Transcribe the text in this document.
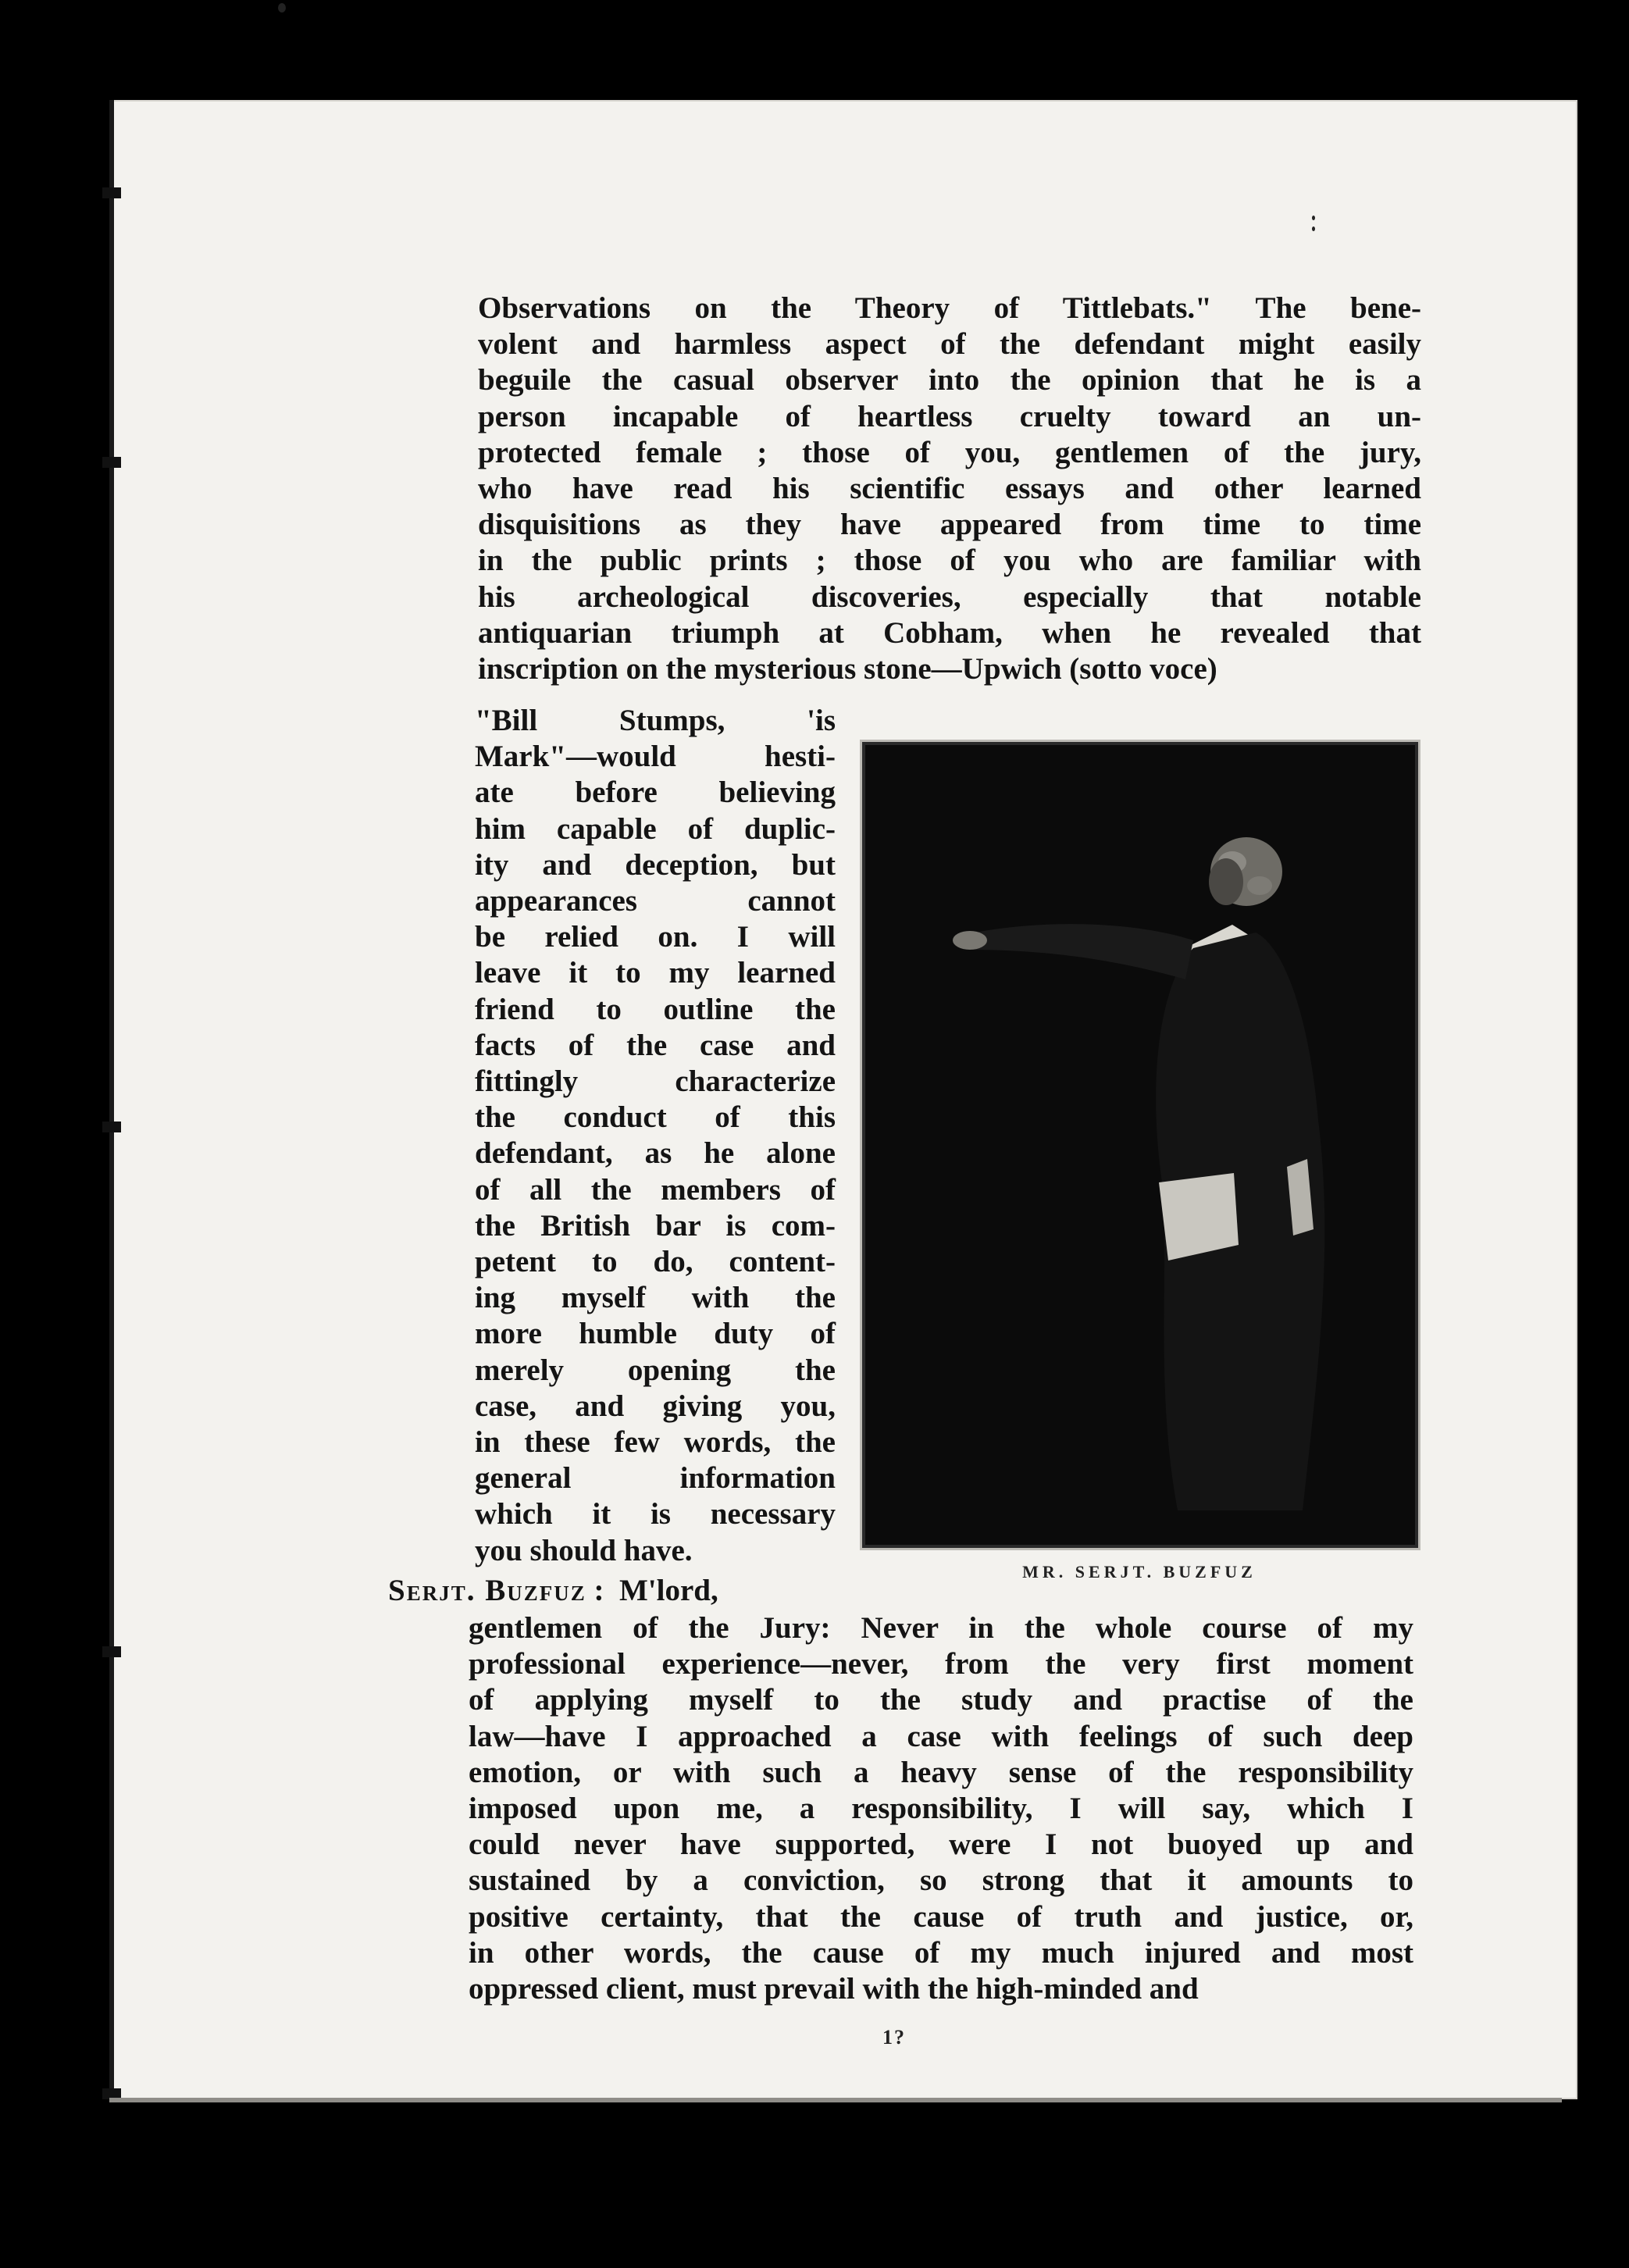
Observations on the Theory of Tittlebats." The bene-
volent and harmless aspect of the defendant might easily
beguile the casual observer into the opinion that he is a
person incapable of heartless cruelty toward an un-
protected female ; those of you, gentlemen of the jury,
who have read his scientific essays and other learned
disquisitions as they have appeared from time to time
in the public prints ; those of you who are familiar with
his archeological discoveries, especially that notable
antiquarian triumph at Cobham, when he revealed that
inscription on the mysterious stone—Upwich (sotto voce)
"Bill Stumps, 'is
Mark"—would hesti-
ate before believing
him capable of duplic-
ity and deception, but
appearances cannot
be relied on. I will
leave it to my learned
friend to outline the
facts of the case and
fittingly characterize
the conduct of this
defendant, as he alone
of all the members of
the British bar is com-
petent to do, content-
ing myself with the
more humble duty of
merely opening the
case, and giving you,
in these few words, the
general information
which it is necessary
you should have.
Serjt. Buzfuz :  M'lord,
gentlemen of the Jury: Never in the whole course of my
professional experience—never, from the very first moment
of applying myself to the study and practise of the
law—have I approached a case with feelings of such deep
emotion, or with such a heavy sense of the responsibility
imposed upon me, a responsibility, I will say, which I
could never have supported, were I not buoyed up and
sustained by a conviction, so strong that it amounts to
positive certainty, that the cause of truth and justice, or,
in other words, the cause of my much injured and most
oppressed client, must prevail with the high-minded and
MR. SERJT. BUZFUZ
1?
